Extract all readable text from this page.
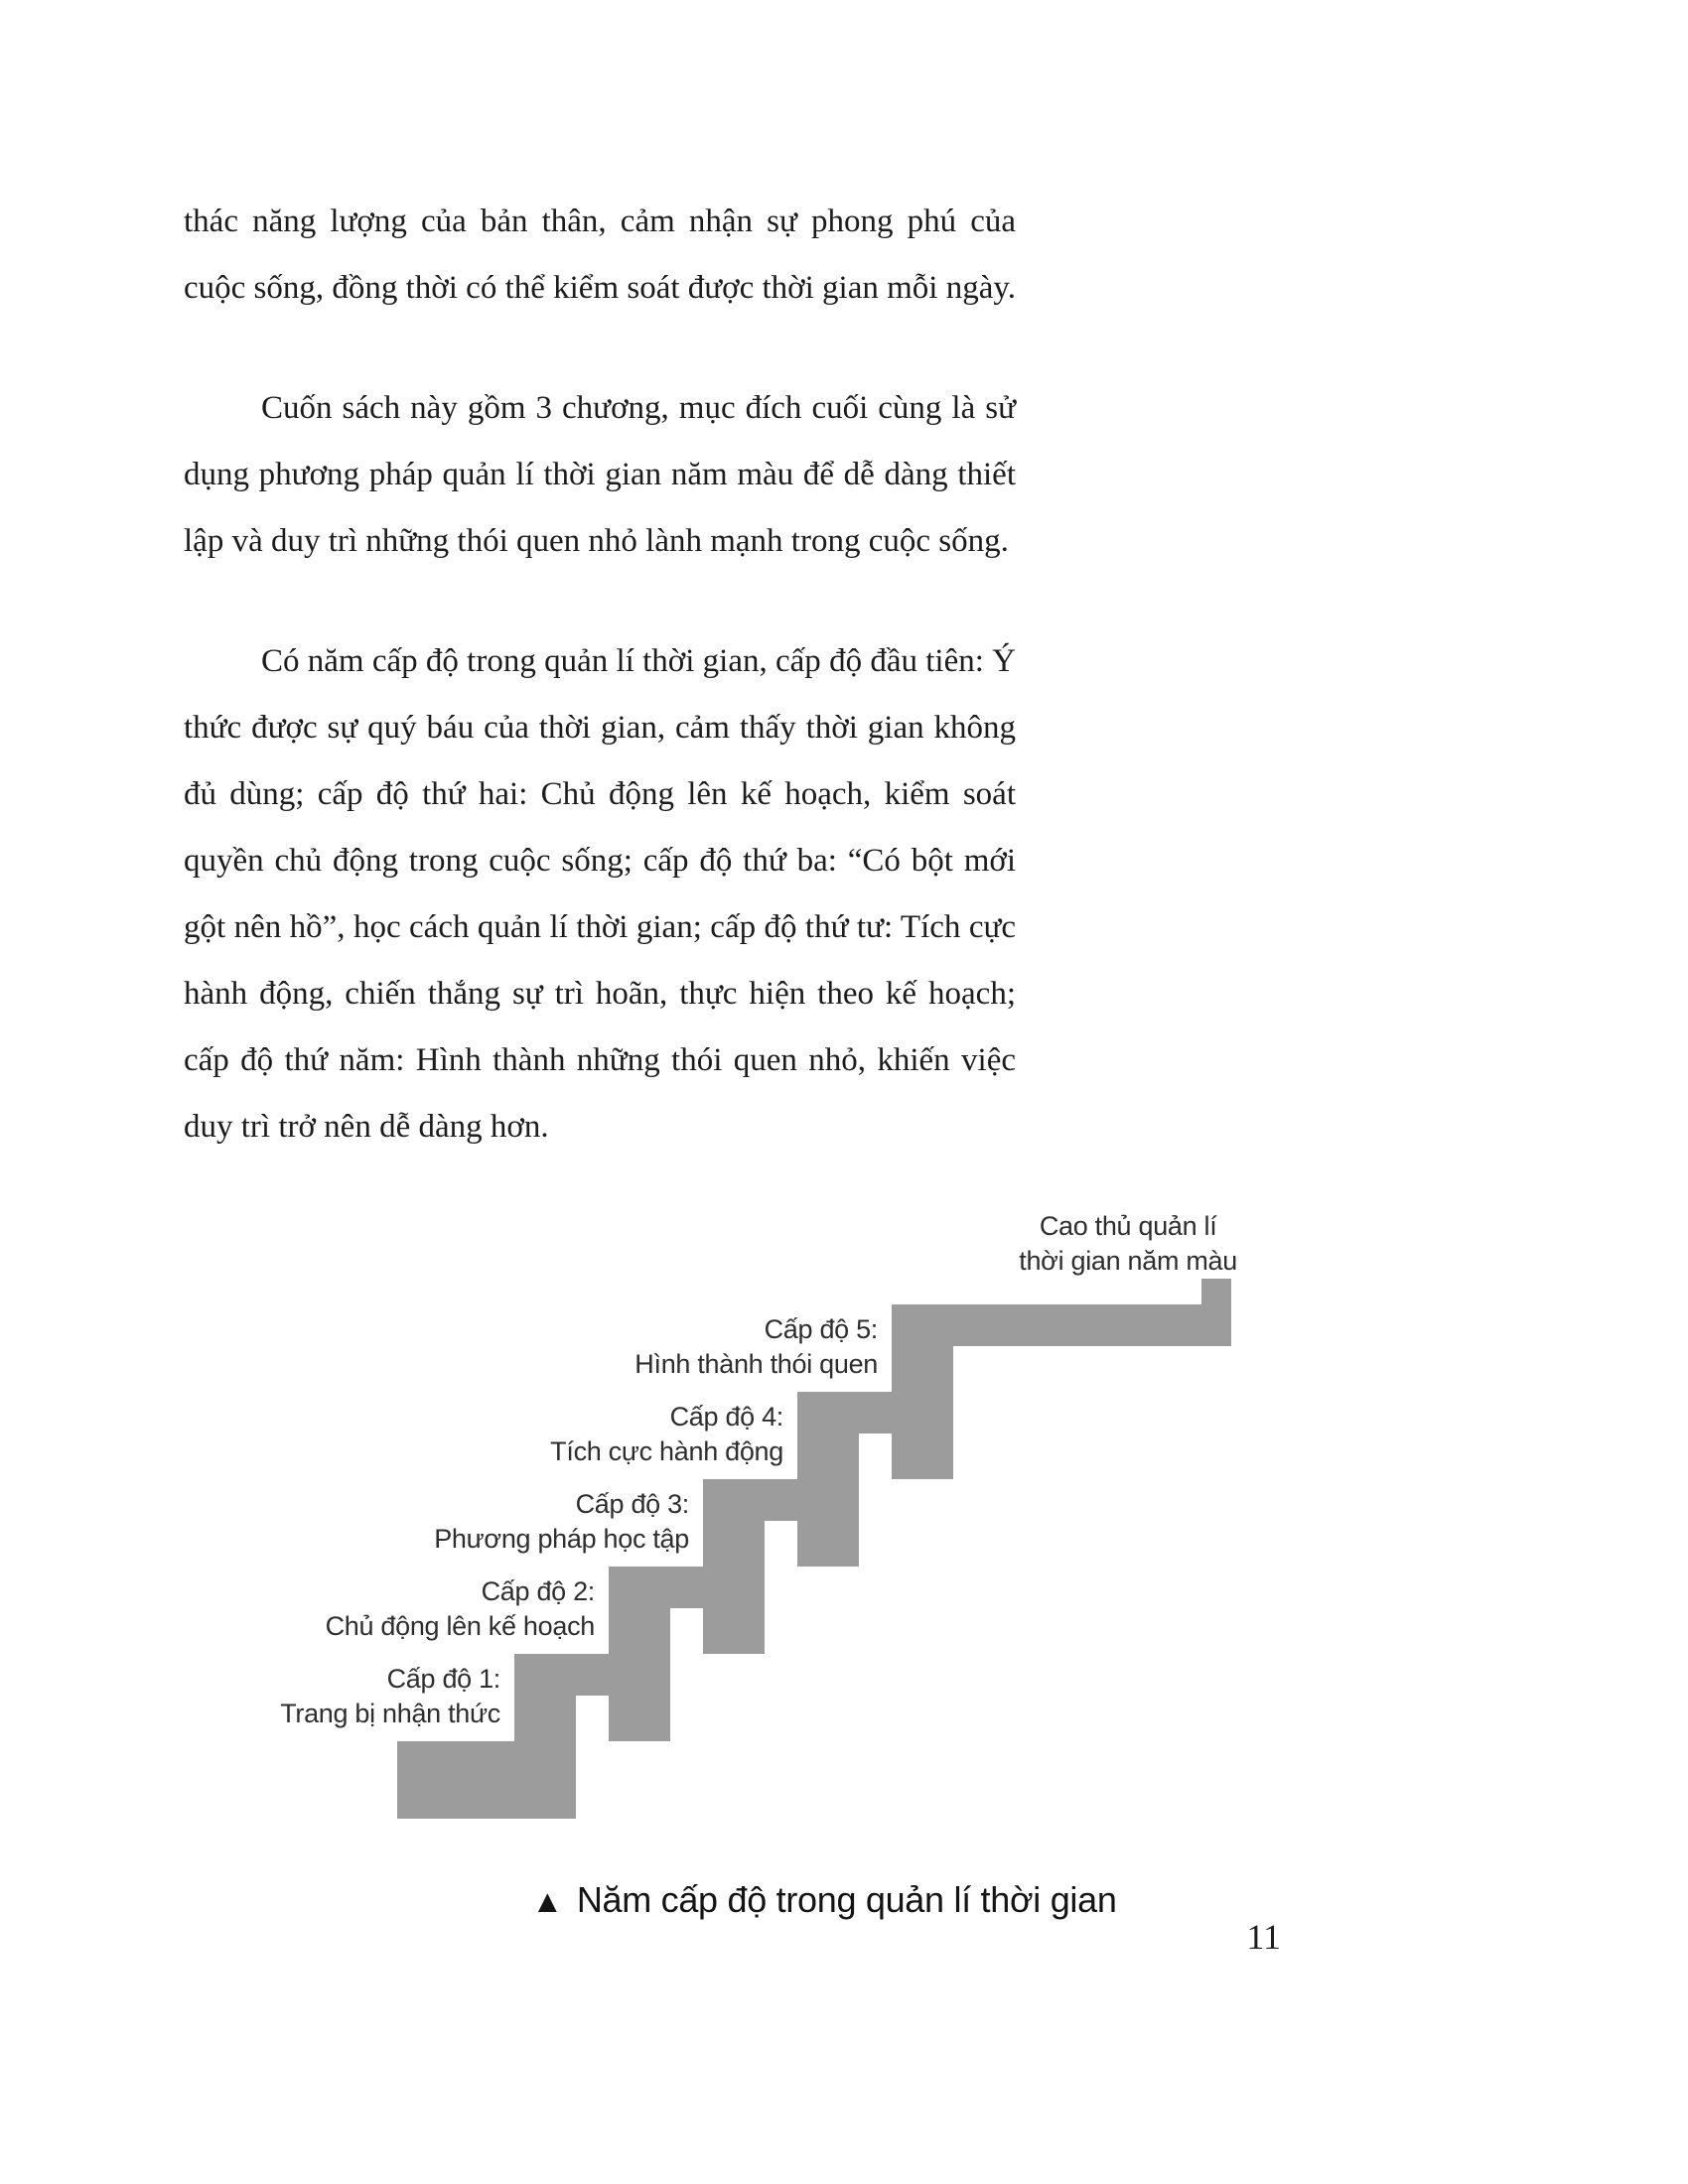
thác năng lượng của bản thân, cảm nhận sự phong phú của cuộc sống, đồng thời có thể kiểm soát được thời gian mỗi ngày.

Cuốn sách này gồm 3 chương, mục đích cuối cùng là sử dụng phương pháp quản lí thời gian năm màu để dễ dàng thiết lập và duy trì những thói quen nhỏ lành mạnh trong cuộc sống.

Có năm cấp độ trong quản lí thời gian, cấp độ đầu tiên: Ý thức được sự quý báu của thời gian, cảm thấy thời gian không đủ dùng; cấp độ thứ hai: Chủ động lên kế hoạch, kiểm soát quyền chủ động trong cuộc sống; cấp độ thứ ba: “Có bột mới gột nên hồ”, học cách quản lí thời gian; cấp độ thứ tư: Tích cực hành động, chiến thắng sự trì hoãn, thực hiện theo kế hoạch; cấp độ thứ năm: Hình thành những thói quen nhỏ, khiến việc duy trì trở nên dễ dàng hơn.

Cao thủ quản lí
thời gian năm màu
Cấp độ 5:
Hình thành thói quen
Cấp độ 4:
Tích cực hành động
Cấp độ 3:
Phương pháp học tập
Cấp độ 2:
Chủ động lên kế hoạch
Cấp độ 1:
Trang bị nhận thức
▲ Năm cấp độ trong quản lí thời gian
11
